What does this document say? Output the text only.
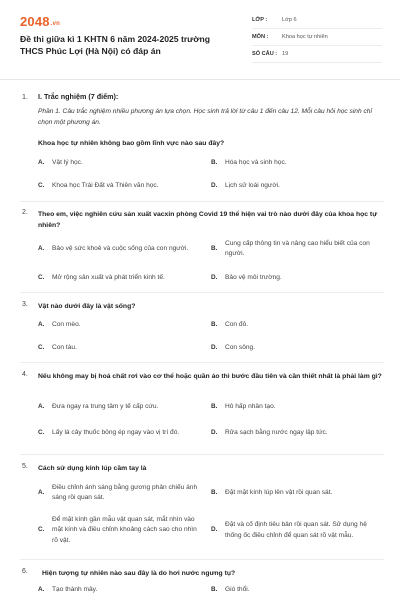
2048.vn
Đề thi giữa kì 1 KHTN 6 năm 2024-2025 trường THCS Phúc Lợi (Hà Nội) có đáp án
LỚP :	Lớp 6
MÔN :	Khoa học tự nhiên
SỐ CÂU : 19
1. I. Trắc nghiệm (7 điểm):
Phần 1. Câu trắc nghiệm nhiều phương án lựa chọn. Học sinh trả lời từ câu 1 đến câu 12. Mỗi câu hỏi học sinh chỉ chọn một phương án.
Khoa học tự nhiên không bao gồm lĩnh vực nào sau đây?
A.	Vật lý học.	B.	Hóa học và sinh học.
C.	Khoa học Trái Đất và Thiên văn học.	D.	Lịch sử loài người.
2. Theo em, việc nghiên cứu sản xuất vacxin phòng Covid 19 thể hiện vai trò nào dưới đây của khoa học tự nhiên?
A.	Bảo vệ sức khoẻ và cuộc sống của con người.	B.
Cung cấp thông tin và nâng cao hiểu biết của con người.
C.	Mở rộng sản xuất và phát triển kinh tế.	D.	Bảo vệ môi trường.
3. Vật nào dưới đây là vật sống?
A.	Con mèo.	B.	Con đỏ.
C.	Con tàu.	D.	Con sông.
4. Nếu không may bị hoá chất rơi vào cơ thể hoặc quần áo thì bước đầu tiên và cần thiết nhất là phải làm gì?
A.	Đưa ngay ra trung tâm y tế cấp cứu.	B.	Hô hấp nhân tạo.
C.	Lấy lá cây thuốc bỏng ép ngay vào vị trí đó.	D.	Rửa sạch bằng nước ngay lập tức.
5. Cách sử dụng kính lúp cầm tay là
A.
Điều chỉnh ánh sáng bằng gương phản chiếu ánh sáng rồi quan sát.
B.	Đặt mặt kính lúp lên vật rồi quan sát.
C.
Để mặt kính gần mẫu vật quan sát, mắt nhìn vào mặt kính và điều chỉnh khoảng cách sao cho nhìn rõ vật.
D.
Đặt và cố định tiêu bản rồi quan sát. Sử dụng hệ thống ốc điều chỉnh để quan sát rõ vật mẫu.
6. Hiện tượng tự nhiên nào sau đây là do hơi nước ngưng tụ?
A.	Tạo thành mây.	B.	Gió thổi.
